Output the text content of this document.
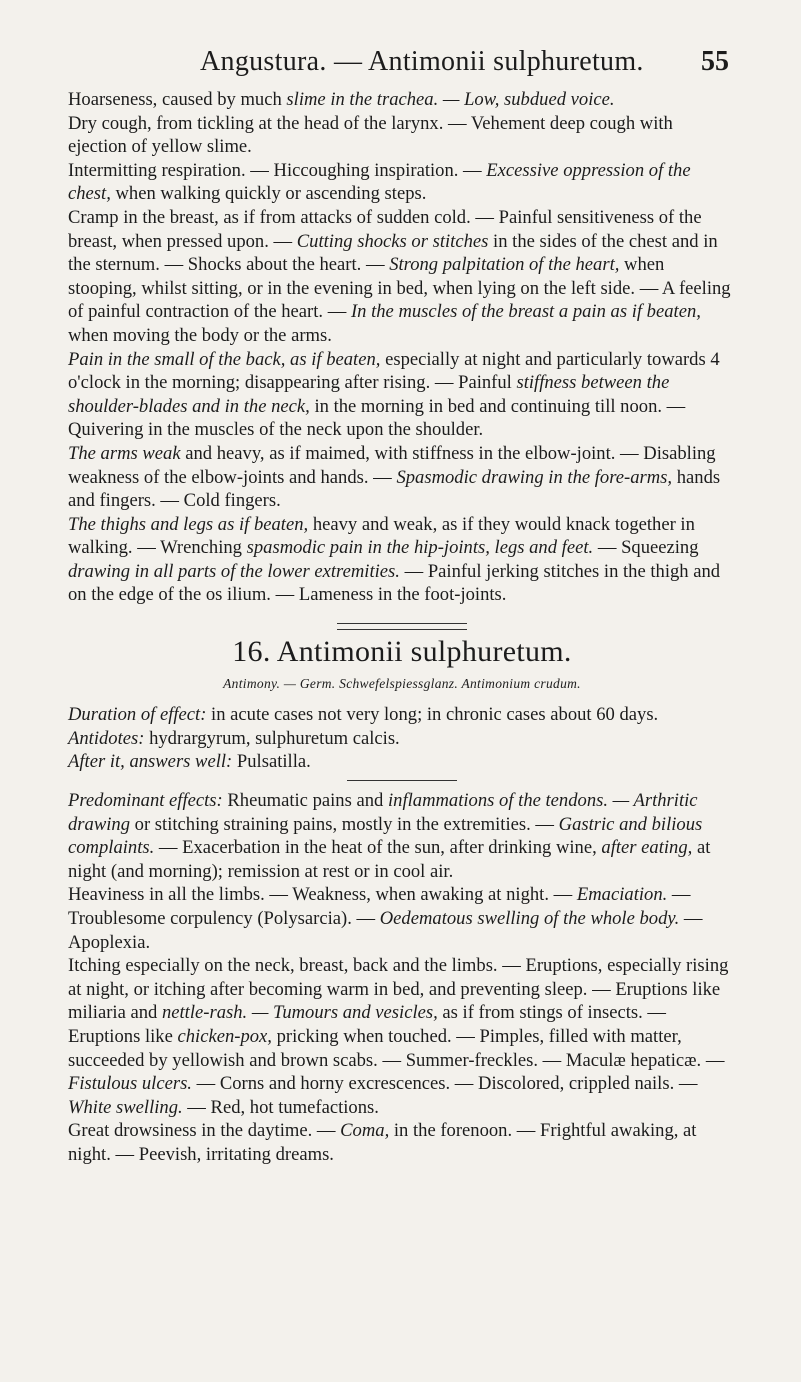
Angustura. — Antimonii sulphuretum. 55

Hoarseness, caused by much slime in the trachea. — Low, subdued voice.

Dry cough, from tickling at the head of the larynx. — Vehement deep cough with ejection of yellow slime.

Intermitting respiration. — Hiccoughing inspiration. — Excessive oppression of the chest, when walking quickly or ascending steps.

Cramp in the breast, as if from attacks of sudden cold. — Painful sensitiveness of the breast, when pressed upon. — Cutting shocks or stitches in the sides of the chest and in the sternum. — Shocks about the heart. — Strong palpitation of the heart, when stooping, whilst sitting, or in the evening in bed, when lying on the left side. — A feeling of painful contraction of the heart. — In the muscles of the breast a pain as if beaten, when moving the body or the arms.

Pain in the small of the back, as if beaten, especially at night and particularly towards 4 o'clock in the morning; disappearing after rising. — Painful stiffness between the shoulder-blades and in the neck, in the morning in bed and continuing till noon. — Quivering in the muscles of the neck upon the shoulder.

The arms weak and heavy, as if maimed, with stiffness in the elbow-joint. — Disabling weakness of the elbow-joints and hands. — Spasmodic drawing in the fore-arms, hands and fingers. — Cold fingers.

The thighs and legs as if beaten, heavy and weak, as if they would knack together in walking. — Wrenching spasmodic pain in the hip-joints, legs and feet. — Squeezing drawing in all parts of the lower extremities. — Painful jerking stitches in the thigh and on the edge of the os ilium. — Lameness in the foot-joints.

16. Antimonii sulphuretum.
Antimony. — Germ. Schwefelspiessglanz. Antimonium crudum.

Duration of effect: in acute cases not very long; in chronic cases about 60 days.

Antidotes: hydrargyrum, sulphuretum calcis.

After it, answers well: Pulsatilla.

Predominant effects: Rheumatic pains and inflammations of the tendons. — Arthritic drawing or stitching straining pains, mostly in the extremities. — Gastric and bilious complaints. — Exacerbation in the heat of the sun, after drinking wine, after eating, at night (and morning); remission at rest or in cool air.

Heaviness in all the limbs. — Weakness, when awaking at night. — Emaciation. — Troublesome corpulency (Polysarcia). — Oedematous swelling of the whole body. — Apoplexia.

Itching especially on the neck, breast, back and the limbs. — Eruptions, especially rising at night, or itching after becoming warm in bed, and preventing sleep. — Eruptions like miliaria and nettle-rash. — Tumours and vesicles, as if from stings of insects. — Eruptions like chicken-pox, pricking when touched. — Pimples, filled with matter, succeeded by yellowish and brown scabs. — Summer-freckles. — Maculæ hepaticæ. — Fistulous ulcers. — Corns and horny excrescences. — Discolored, crippled nails. — White swelling. — Red, hot tumefactions.

Great drowsiness in the daytime. — Coma, in the forenoon. — Frightful awaking, at night. — Peevish, irritating dreams.
